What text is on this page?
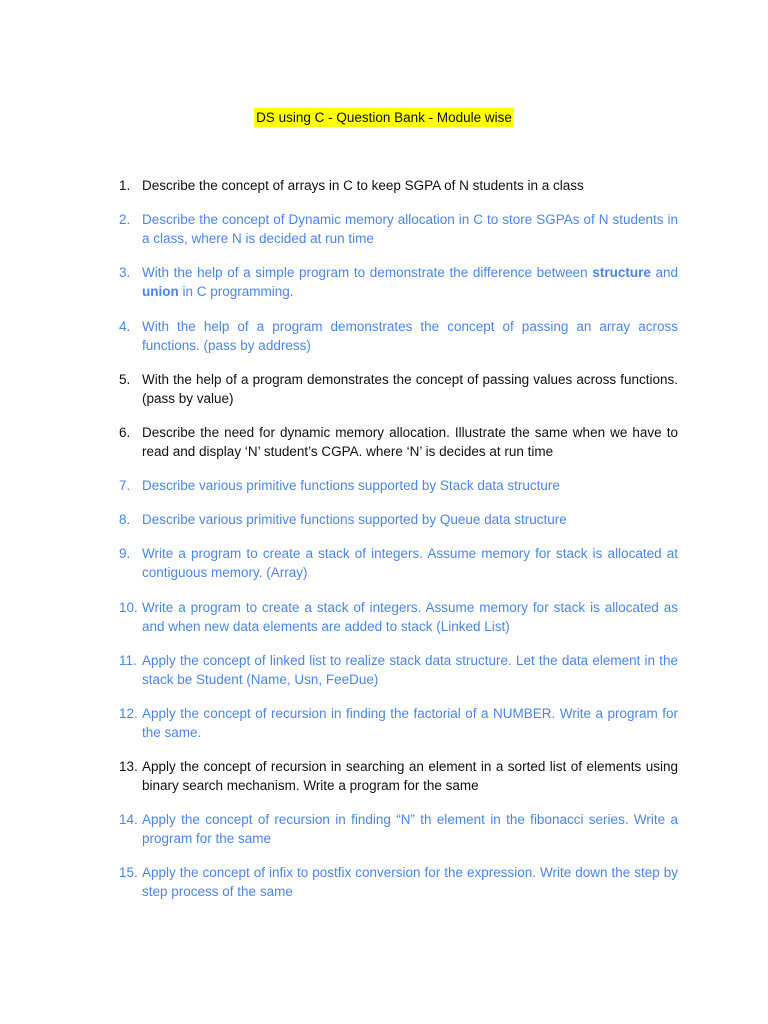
DS using C - Question Bank - Module wise
1. Describe the concept of arrays in C to keep SGPA of N students in a class
2. Describe the concept of Dynamic memory allocation in C to store SGPAs of N students in a class, where N is decided at run time
3. With the help of a simple program to demonstrate the difference between structure and union in C programming.
4. With the help of a program demonstrates the concept of passing an array across functions. (pass by address)
5. With the help of a program demonstrates the concept of passing values across functions. (pass by value)
6. Describe the need for dynamic memory allocation. Illustrate the same when we have to read and display ‘N’ student’s CGPA. where ‘N’ is decides at run time
7. Describe various primitive functions supported by Stack data structure
8. Describe various primitive functions supported by Queue data structure
9. Write a program to create a stack of integers. Assume memory for stack is allocated at contiguous memory. (Array)
10. Write a program to create a stack of integers. Assume memory for stack is allocated as and when new data elements are added to stack (Linked List)
11. Apply the concept of linked list to realize stack data structure. Let the data element in the stack be Student (Name, Usn, FeeDue)
12. Apply the concept of recursion in finding the factorial of a NUMBER. Write a program for the same.
13. Apply the concept of recursion in searching an element in a sorted list of elements using binary search mechanism. Write a program for the same
14. Apply the concept of recursion in finding “N” th element in the fibonacci series. Write a program for the same
15. Apply the concept of infix to postfix conversion for the expression. Write down the step by step process of the same
